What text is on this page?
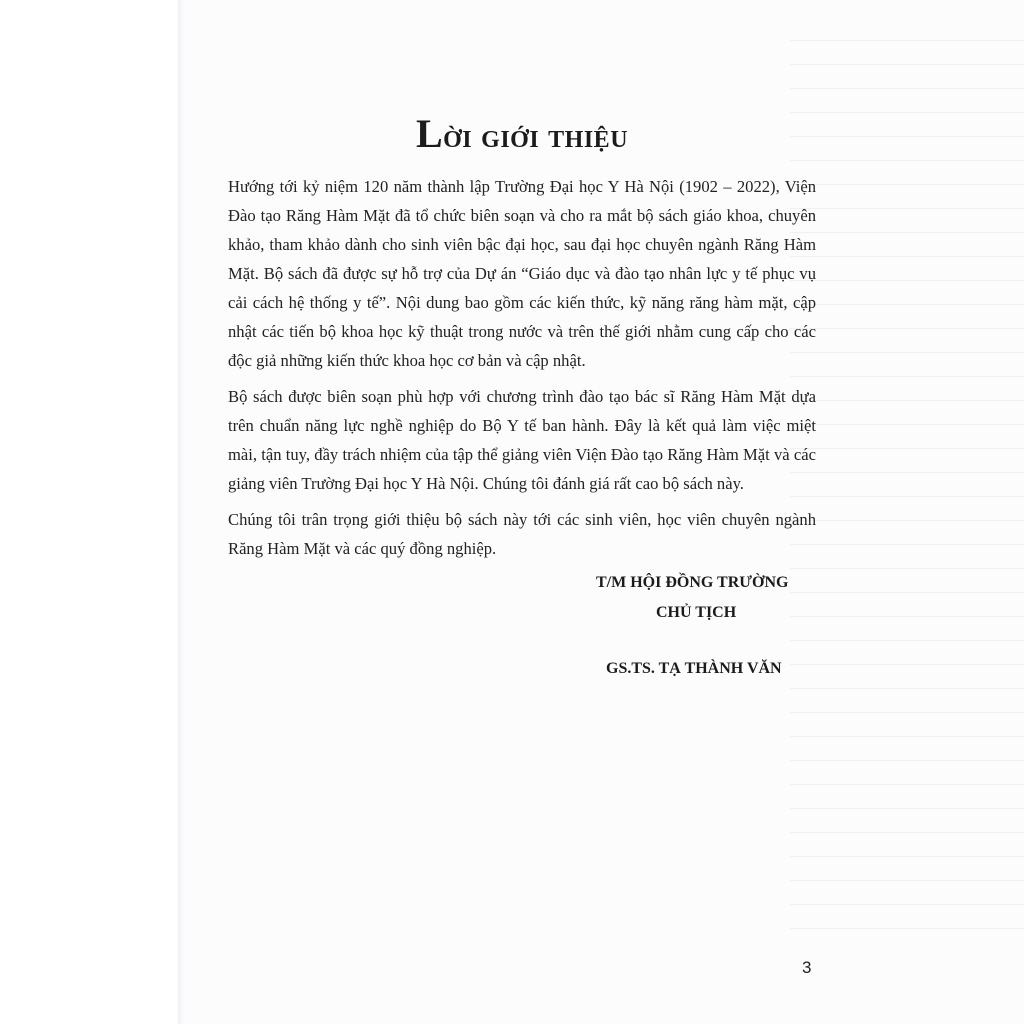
Lời giới thiệu

Hướng tới kỷ niệm 120 năm thành lập Trường Đại học Y Hà Nội (1902 – 2022), Viện Đào tạo Răng Hàm Mặt đã tổ chức biên soạn và cho ra mắt bộ sách giáo khoa, chuyên khảo, tham khảo dành cho sinh viên bậc đại học, sau đại học chuyên ngành Răng Hàm Mặt. Bộ sách đã được sự hỗ trợ của Dự án “Giáo dục và đào tạo nhân lực y tế phục vụ cải cách hệ thống y tế”. Nội dung bao gồm các kiến thức, kỹ năng răng hàm mặt, cập nhật các tiến bộ khoa học kỹ thuật trong nước và trên thế giới nhằm cung cấp cho các độc giả những kiến thức khoa học cơ bản và cập nhật.

Bộ sách được biên soạn phù hợp với chương trình đào tạo bác sĩ Răng Hàm Mặt dựa trên chuẩn năng lực nghề nghiệp do Bộ Y tế ban hành. Đây là kết quả làm việc miệt mài, tận tuy, đầy trách nhiệm của tập thể giảng viên Viện Đào tạo Răng Hàm Mặt và các giảng viên Trường Đại học Y Hà Nội. Chúng tôi đánh giá rất cao bộ sách này.

Chúng tôi trân trọng giới thiệu bộ sách này tới các sinh viên, học viên chuyên ngành Răng Hàm Mặt và các quý đồng nghiệp.

T/M HỘI ĐỒNG TRƯỜNG

CHỦ TỊCH

GS.TS. TẠ THÀNH VĂN

3
